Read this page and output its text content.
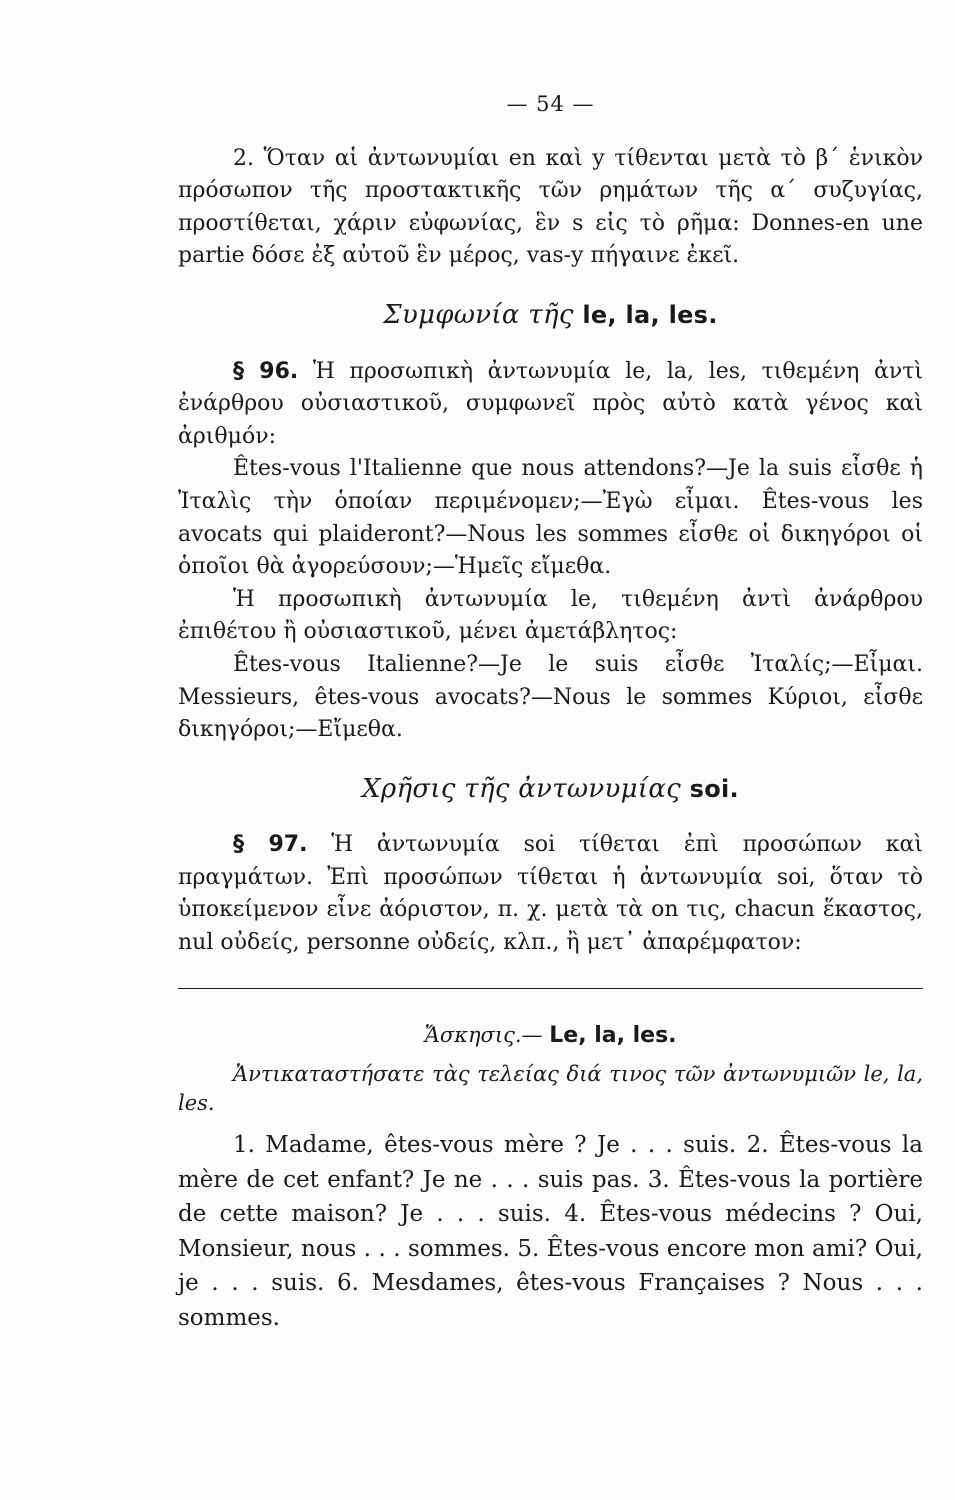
— 54 —

2. Ὅταν αἱ ἀντωνυμίαι en καὶ y τίθενται μετὰ τὸ β΄ ἑνικὸν πρόσωπον τῆς προστακτικῆς τῶν ρημάτων τῆς α΄ συζυγίας, προστίθεται, χάριν εὐφωνίας, ἓν s εἰς τὸ ρῆμα: Donnes-en une partie δόσε ἐξ αὐτοῦ ἓν μέρος, vas-y πήγαινε ἐκεῖ.

Συμφωνία τῆς le, la, les.

§ 96. Ἡ προσωπικὴ ἀντωνυμία le, la, les, τιθεμένη ἀντὶ ἐνάρθρου οὐσιαστικοῦ, συμφωνεῖ πρὸς αὐτὸ κατὰ γένος καὶ ἀριθμόν:

Êtes-vous l'Italienne que nous attendons?—Je la suis εἶσθε ἡ Ἰταλὶς τὴν ὁποίαν περιμένομεν;—Ἐγὼ εἶμαι. Êtes-vous les avocats qui plaideront?—Nous les sommes εἶσθε οἱ δικηγόροι οἱ ὁποῖοι θὰ ἀγορεύσουν;—Ἡμεῖς εἴμεθα.

Ἡ προσωπικὴ ἀντωνυμία le, τιθεμένη ἀντὶ ἀνάρθρου ἐπιθέτου ἢ οὐσιαστικοῦ, μένει ἀμετάβλητος:

Êtes-vous Italienne?—Je le suis εἶσθε Ἰταλίς;—Εἶμαι. Messieurs, êtes-vous avocats?—Nous le sommes Κύριοι, εἶσθε δικηγόροι;—Εἴμεθα.

Χρῆσις τῆς ἀντωνυμίας soi.

§ 97. Ἡ ἀντωνυμία soi τίθεται ἐπὶ προσώπων καὶ πραγμάτων. Ἐπὶ προσώπων τίθεται ἡ ἀντωνυμία soi, ὅταν τὸ ὑποκείμενον εἶνε ἀόριστον, π. χ. μετὰ τὰ on τις, chacun ἕκαστος, nul οὐδείς, personne οὐδείς, κλπ., ἢ μετ᾽ ἀπαρέμφατον:

Ἄσκησις.— Le, la, les.

Ἀντικαταστήσατε τὰς τελείας διά τινος τῶν ἀντωνυμιῶν le, la, les.

1. Madame, êtes-vous mère ? Je . . . suis. 2. Êtes-vous la mère de cet enfant? Je ne . . . suis pas. 3. Êtes-vous la portière de cette maison? Je . . . suis. 4. Êtes-vous médecins ? Oui, Monsieur, nous . . . sommes. 5. Êtes-vous encore mon ami? Oui, je . . . suis. 6. Mesdames, êtes-vous Françaises ? Nous . . . sommes.
